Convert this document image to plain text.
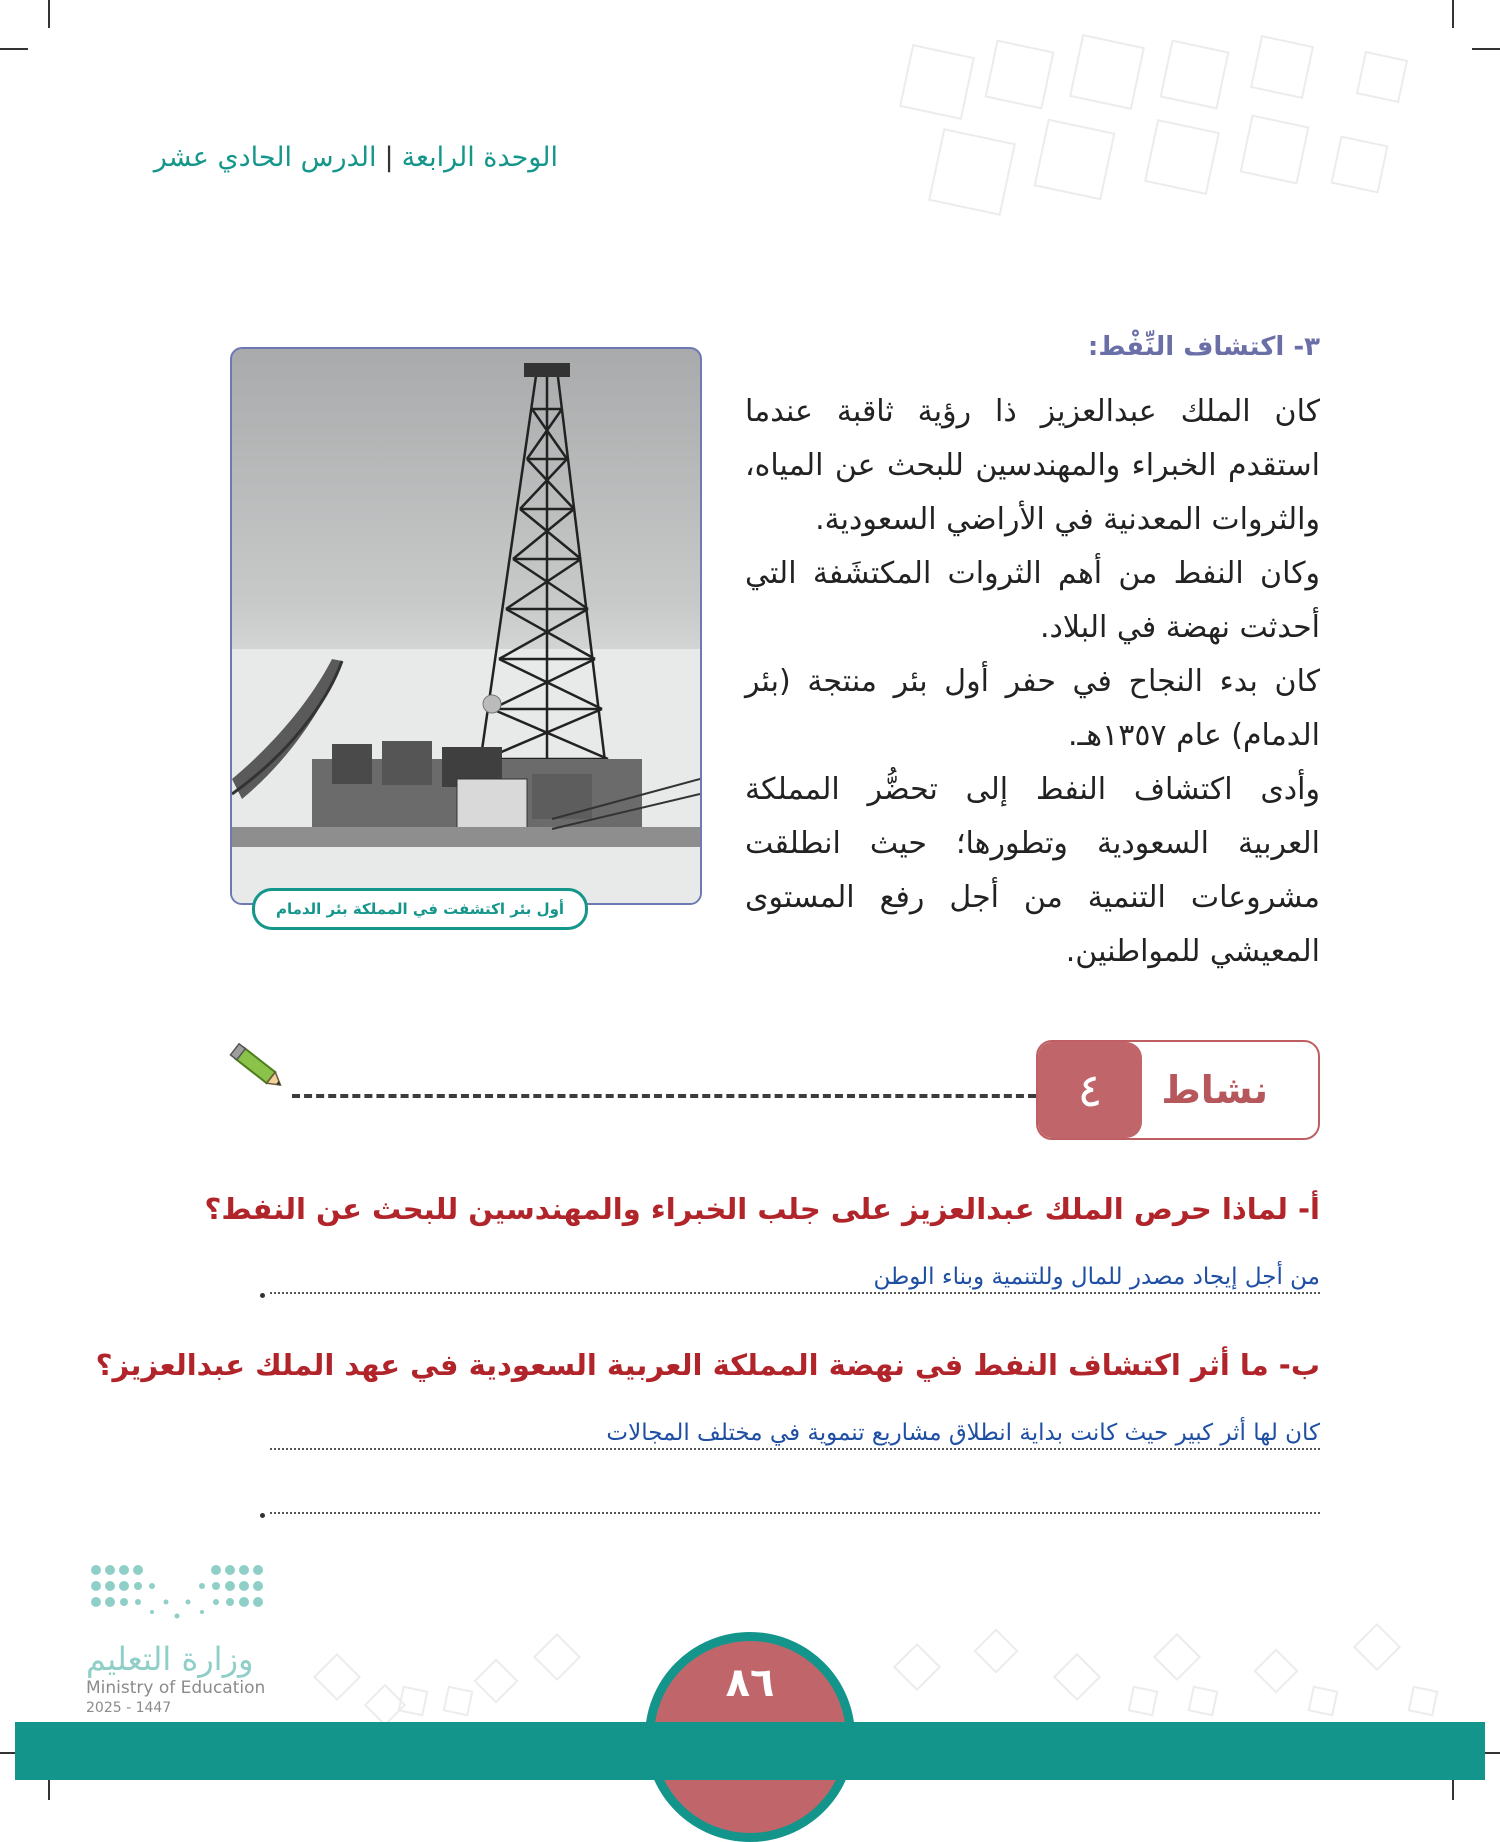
الوحدة الرابعة|الدرس الحادي عشر
٣- اكتشاف النِّفْط:

كان الملك عبدالعزيز ذا رؤية ثاقبة عندما استقدم الخبراء والمهندسين للبحث عن المياه، والثروات المعدنية في الأراضي السعودية.

وكان النفط من أهم الثروات المكتشَفة التي أحدثت نهضة في البلاد.

كان بدء النجاح في حفر أول بئر منتجة (بئر الدمام) عام ١٣٥٧هـ.

وأدى اكتشاف النفط إلى تحضُّر المملكة العربية السعودية وتطورها؛ حيث انطلقت مشروعات التنمية من أجل رفع المستوى المعيشي للمواطنين.

أول بئر اكتشفت في المملكة بئر الدمام
نشاط
٤
أ- لماذا حرص الملك عبدالعزيز على جلب الخبراء والمهندسين للبحث عن النفط؟
من أجل إيجاد مصدر للمال وللتنمية وبناء الوطن
ب- ما أثر اكتشاف النفط في نهضة المملكة العربية السعودية في عهد الملك عبدالعزيز؟
كان لها أثر كبير حيث كانت بداية انطلاق مشاريع تنموية في مختلف المجالات
وزارة التعليم
Ministry of Education
2025 - 1447
٨٦
